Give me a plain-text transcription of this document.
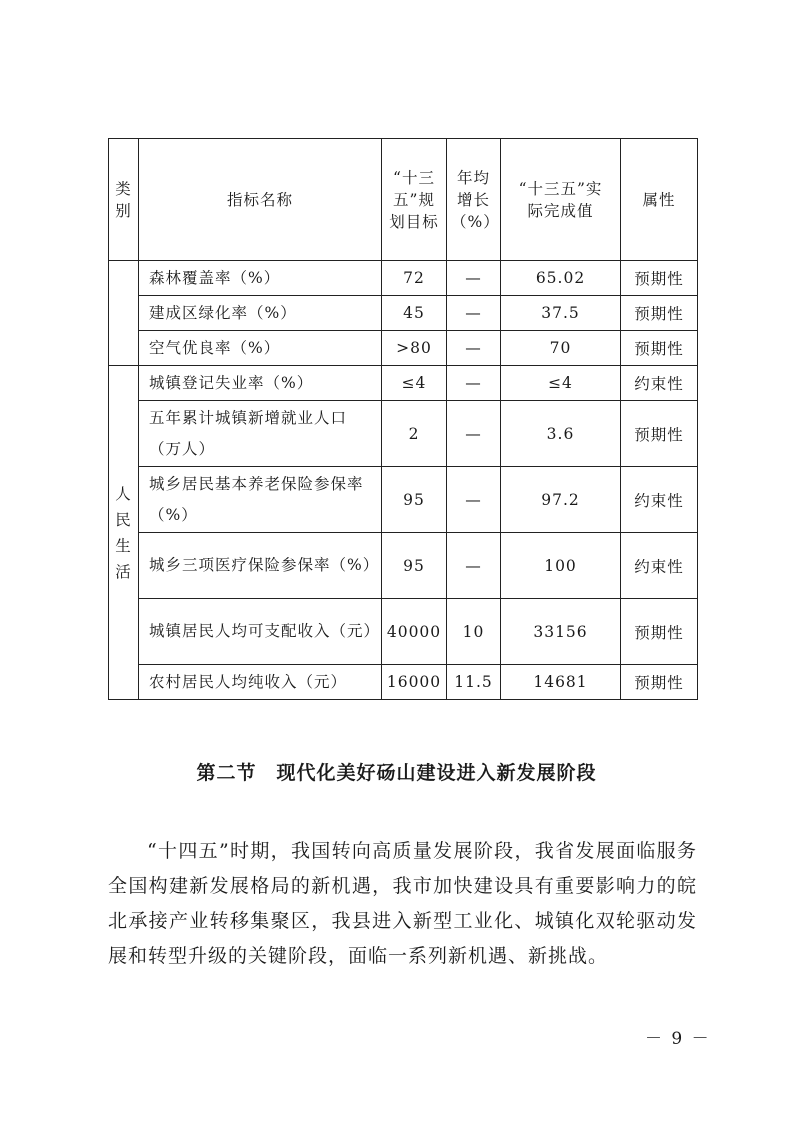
类别	指标名称	“十三五”规划目标	年均增长（%）	“十三五”实际完成值	属性
	森林覆盖率（%）	72	—	65.02	预期性
	建成区绿化率（%）	45	—	37.5	预期性
	空气优良率（%）	>80	—	70	预期性
人民生活	城镇登记失业率（%）	≤4	—	≤4	约束性
	五年累计城镇新增就业人口（万人）	2	—	3.6	预期性
	城乡居民基本养老保险参保率（%）	95	—	97.2	约束性
	城乡三项医疗保险参保率（%）	95	—	100	约束性
	城镇居民人均可支配收入（元）	40000	10	33156	预期性
	农村居民人均纯收入（元）	16000	11.5	14681	预期性
第二节　现代化美好砀山建设进入新发展阶段

“十四五”时期，我国转向高质量发展阶段，我省发展面临服务全国构建新发展格局的新机遇，我市加快建设具有重要影响力的皖北承接产业转移集聚区，我县进入新型工业化、城镇化双轮驱动发展和转型升级的关键阶段，面临一系列新机遇、新挑战。

－ 9 －
